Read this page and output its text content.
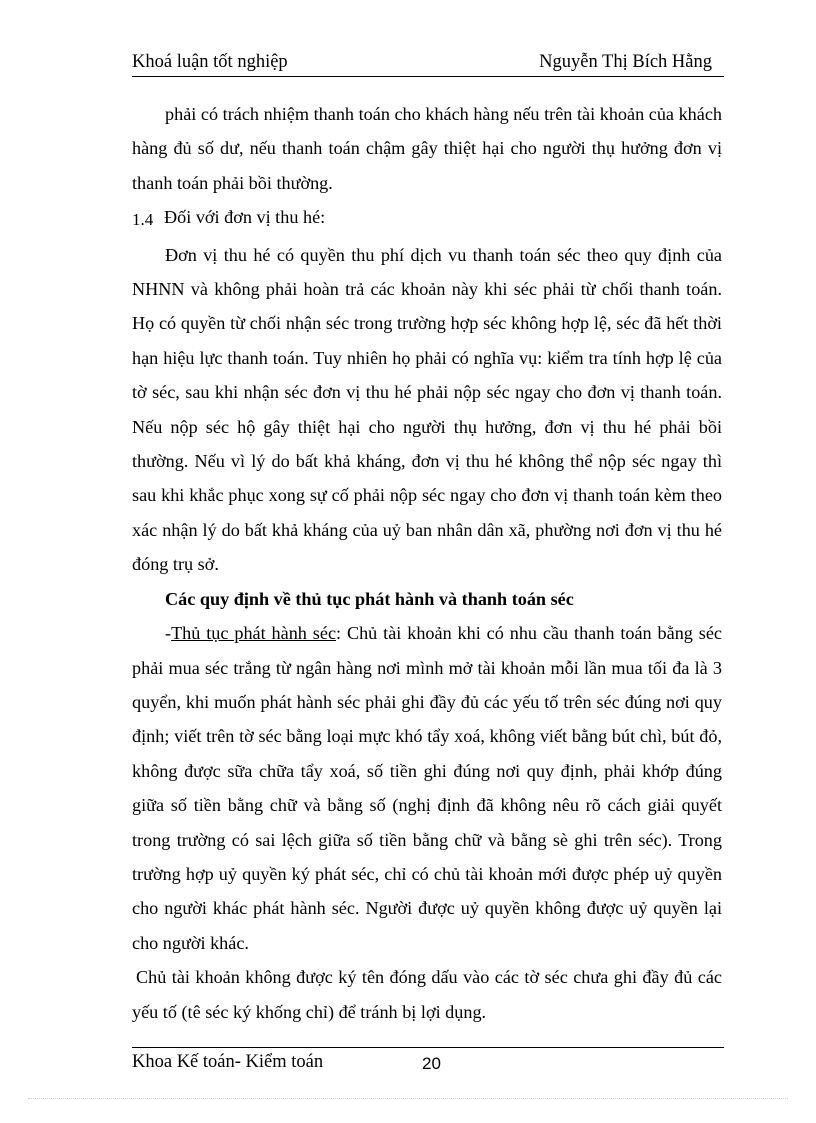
Khoá luận tốt nghiệp	Nguyễn Thị Bích Hằng

phải có trách nhiệm thanh toán cho khách hàng nếu trên tài khoản của khách hàng đủ số dư, nếu thanh toán chậm gây thiệt hại cho người thụ hưởng đơn vị thanh toán phải bồi thường.

1.4 Đối với đơn vị thu hé:

Đơn vị thu hé có quyền thu phí dịch vu thanh toán séc theo quy định của NHNN và không phải hoàn trả các khoản này khi séc phải từ chối thanh toán. Họ có quyền từ chối nhận séc trong trường hợp séc không hợp lệ, séc đã hết thời hạn hiệu lực thanh toán. Tuy nhiên họ phải có nghĩa vụ: kiểm tra tính hợp lệ của tờ séc, sau khi nhận séc đơn vị thu hé phải nộp séc ngay cho đơn vị thanh toán. Nếu nộp séc hộ gây thiệt hại cho người thụ hưởng, đơn vị thu hé phải bồi thường. Nếu vì lý do bất khả kháng, đơn vị thu hé không thể nộp séc ngay thì sau khi khắc phục xong sự cố phải nộp séc ngay cho đơn vị thanh toán kèm theo xác nhận lý do bất khả kháng của uỷ ban nhân dân xã, phường nơi đơn vị thu hé đóng trụ sở.

Các quy định về thủ tục phát hành và thanh toán séc

-Thủ tục phát hành séc: Chủ tài khoản khi có nhu cầu thanh toán bằng séc phải mua séc trắng từ ngân hàng nơi mình mở tài khoản mỗi lần mua tối đa là 3 quyển, khi muốn phát hành séc phải ghi đầy đủ các yếu tố trên séc đúng nơi quy định; viết trên tờ séc bằng loại mực khó tẩy xoá, không viết bằng bút chì, bút đỏ, không được sữa chữa tẩy xoá, số tiền ghi đúng nơi quy định, phải khớp đúng giữa số tiền bằng chữ và bằng số (nghị định đã không nêu rõ cách giải quyết trong trường có sai lệch giữa số tiền bằng chữ và bằng sè ghi trên séc). Trong trường hợp uỷ quyền ký phát séc, chỉ có chủ tài khoản mới được phép uỷ quyền cho người khác phát hành séc. Người được uỷ quyền không được uỷ quyền lại cho người khác.

Chủ tài khoản không được ký tên đóng dấu vào các tờ séc chưa ghi đầy đủ các yếu tố (tê séc ký khống chỉ) để tránh bị lợi dụng.

Khoa Kế toán- Kiểm toán	20
